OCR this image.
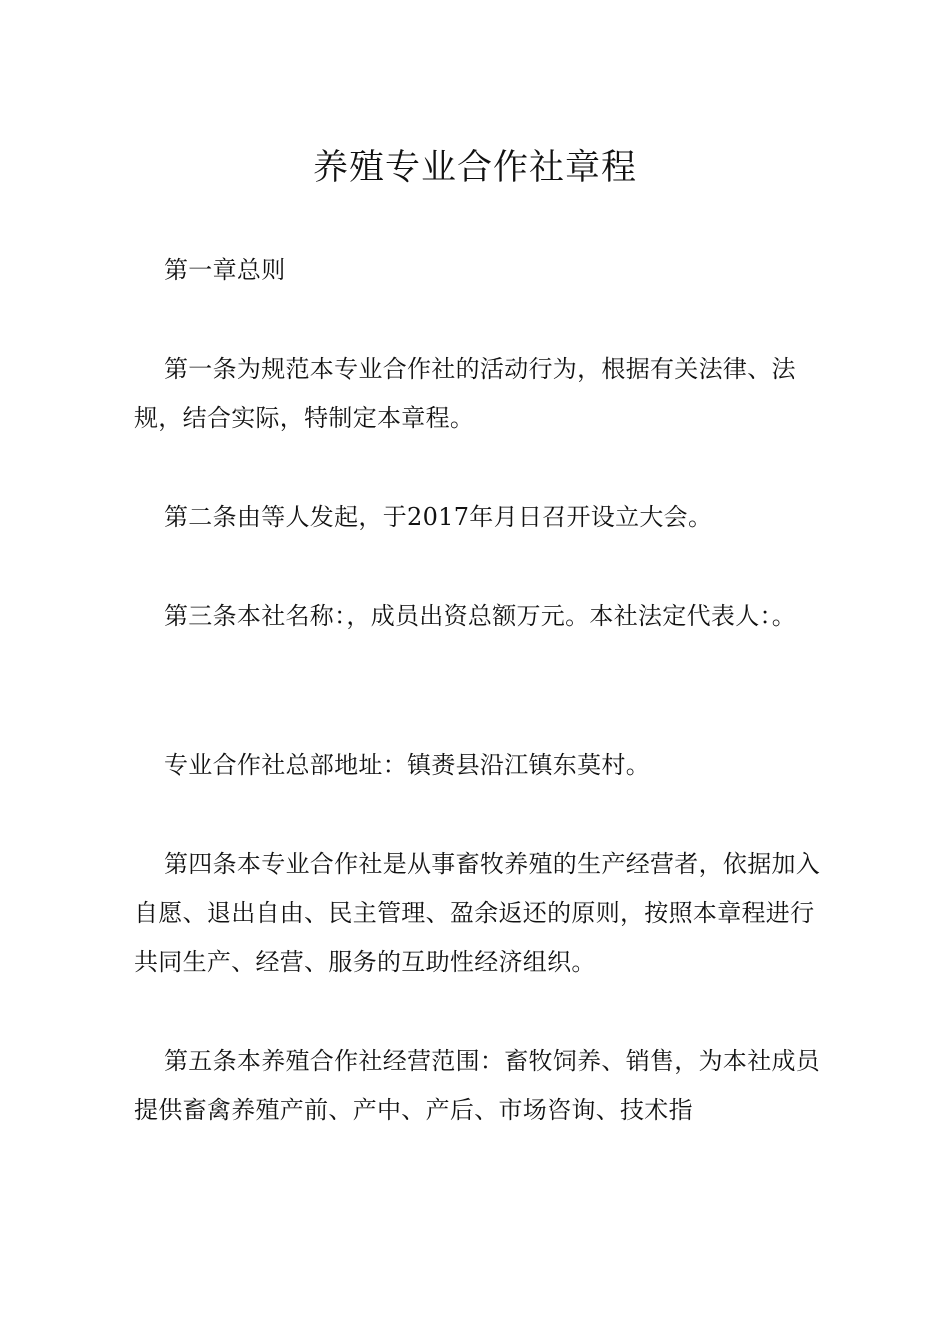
养殖专业合作社章程

第一章总则

第一条为规范本专业合作社的活动行为，根据有关法律、法规，结合实际，特制定本章程。

第二条由等人发起，于2017年月日召开设立大会。

第三条本社名称：，成员出资总额万元。本社法定代表人：。

专业合作社总部地址：镇赉县沿江镇东莫村。

第四条本专业合作社是从事畜牧养殖的生产经营者，依据加入自愿、退出自由、民主管理、盈余返还的原则，按照本章程进行共同生产、经营、服务的互助性经济组织。

第五条本养殖合作社经营范围：畜牧饲养、销售，为本社成员提供畜禽养殖产前、产中、产后、市场咨询、技术指
